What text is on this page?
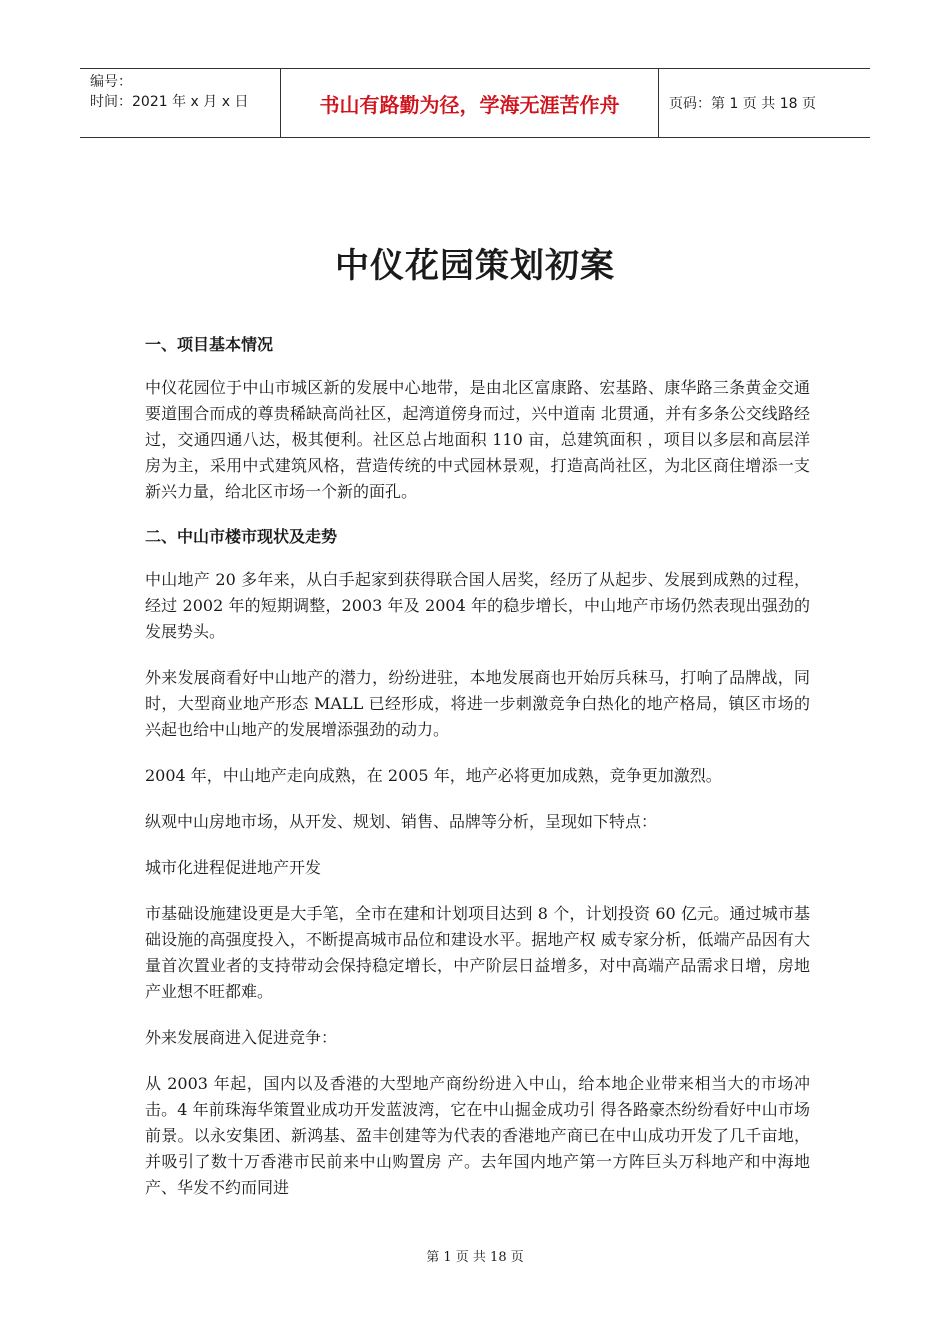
编号：
时间：2021 年 x 月 x 日	书山有路勤为径，学海无涯苦作舟	页码：第 1 页 共 18 页
中仪花园策划初案
一、项目基本情况
中仪花园位于中山市城区新的发展中心地带，是由北区富康路、宏基路、康华路三条黄金交通要道围合而成的尊贵稀缺高尚社区，起湾道傍身而过，兴中道南 北贯通，并有多条公交线路经过，交通四通八达，极其便利。社区总占地面积 110 亩，总建筑面积 ，项目以多层和高层洋房为主，采用中式建筑风格，营造传统的中式园林景观，打造高尚社区，为北区商住增添一支新兴力量，给北区市场一个新的面孔。
二、中山市楼市现状及走势
中山地产 20 多年来，从白手起家到获得联合国人居奖，经历了从起步、发展到成熟的过程，经过 2002 年的短期调整，2003 年及 2004 年的稳步增长，中山地产市场仍然表现出强劲的发展势头。
外来发展商看好中山地产的潜力，纷纷进驻，本地发展商也开始厉兵秣马，打响了品牌战，同时，大型商业地产形态 MALL 已经形成，将进一步刺激竞争白热化的地产格局，镇区市场的兴起也给中山地产的发展增添强劲的动力。
2004 年，中山地产走向成熟，在 2005 年，地产必将更加成熟，竞争更加激烈。
纵观中山房地市场，从开发、规划、销售、品牌等分析，呈现如下特点：
城市化进程促进地产开发
市基础设施建设更是大手笔，全市在建和计划项目达到 8 个，计划投资 60 亿元。通过城市基础设施的高强度投入，不断提高城市品位和建设水平。据地产权 威专家分析，低端产品因有大量首次置业者的支持带动会保持稳定增长，中产阶层日益增多，对中高端产品需求日增，房地产业想不旺都难。
外来发展商进入促进竞争：
从 2003 年起，国内以及香港的大型地产商纷纷进入中山，给本地企业带来相当大的市场冲击。4 年前珠海华策置业成功开发蓝波湾，它在中山掘金成功引 得各路豪杰纷纷看好中山市场前景。以永安集团、新鸿基、盈丰创建等为代表的香港地产商已在中山成功开发了几千亩地，并吸引了数十万香港市民前来中山购置房 产。去年国内地产第一方阵巨头万科地产和中海地产、华发不约而同进
第 1 页 共 18 页
